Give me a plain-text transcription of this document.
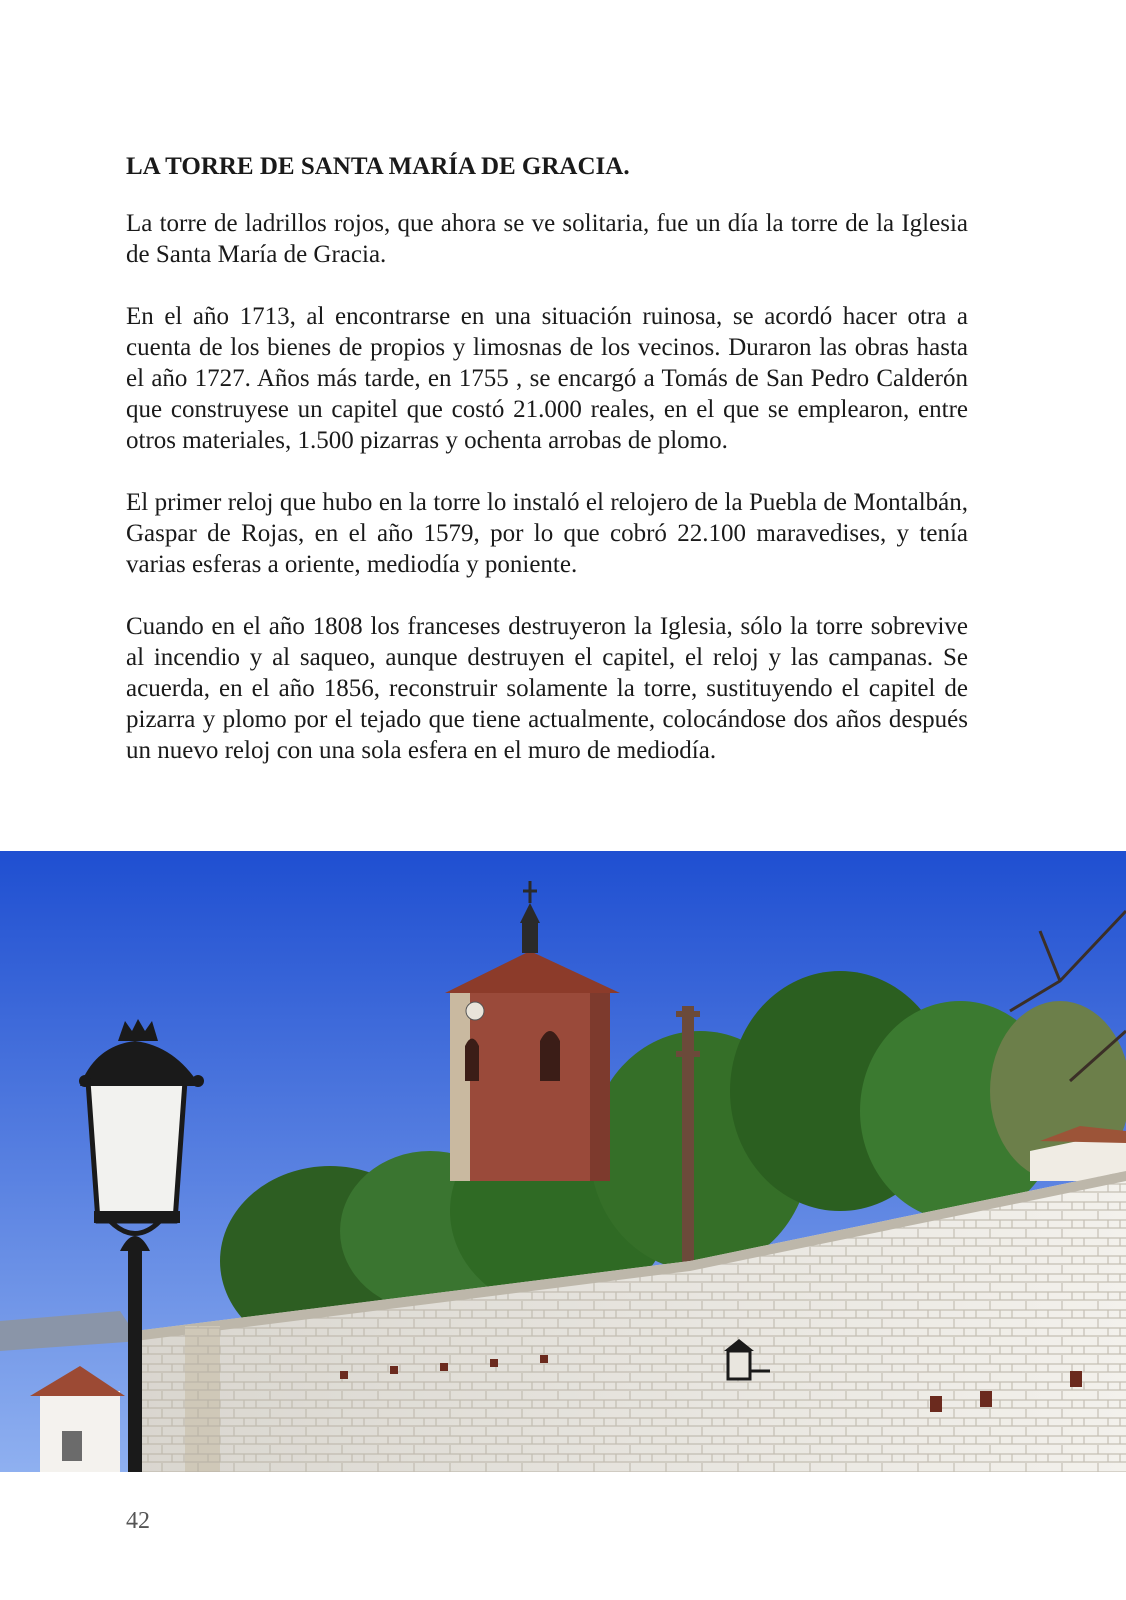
LA TORRE DE SANTA MARÍA DE GRACIA.

La torre de ladrillos rojos, que ahora se ve solitaria, fue un día la torre de la Iglesia de Santa María de Gracia.

En el año 1713, al encontrarse en una situación ruinosa, se acordó hacer otra a cuenta de los bienes de propios y limosnas de los vecinos. Duraron las obras hasta el año 1727. Años más tarde, en 1755 , se encargó a Tomás de San Pedro Calderón que construyese un capitel que costó 21.000 reales, en el que se emplearon, entre otros materiales, 1.500 pizarras y ochenta arrobas de plomo.

El primer reloj que hubo en la torre lo instaló el relojero de la Puebla de Montalbán, Gaspar de Rojas, en el año 1579, por lo que cobró 22.100 maravedises, y tenía varias esferas a oriente, mediodía y poniente.

Cuando en el año 1808 los franceses destruyeron la Iglesia, sólo la torre sobrevive al incendio y al saqueo, aunque destruyen el capitel, el reloj y las campanas. Se acuerda, en el año 1856, reconstruir solamente la torre, sustituyendo el capitel de pizarra y plomo por el tejado que tiene actualmente, colocándose dos años después un nuevo reloj con una sola esfera en el muro de mediodía.

42
